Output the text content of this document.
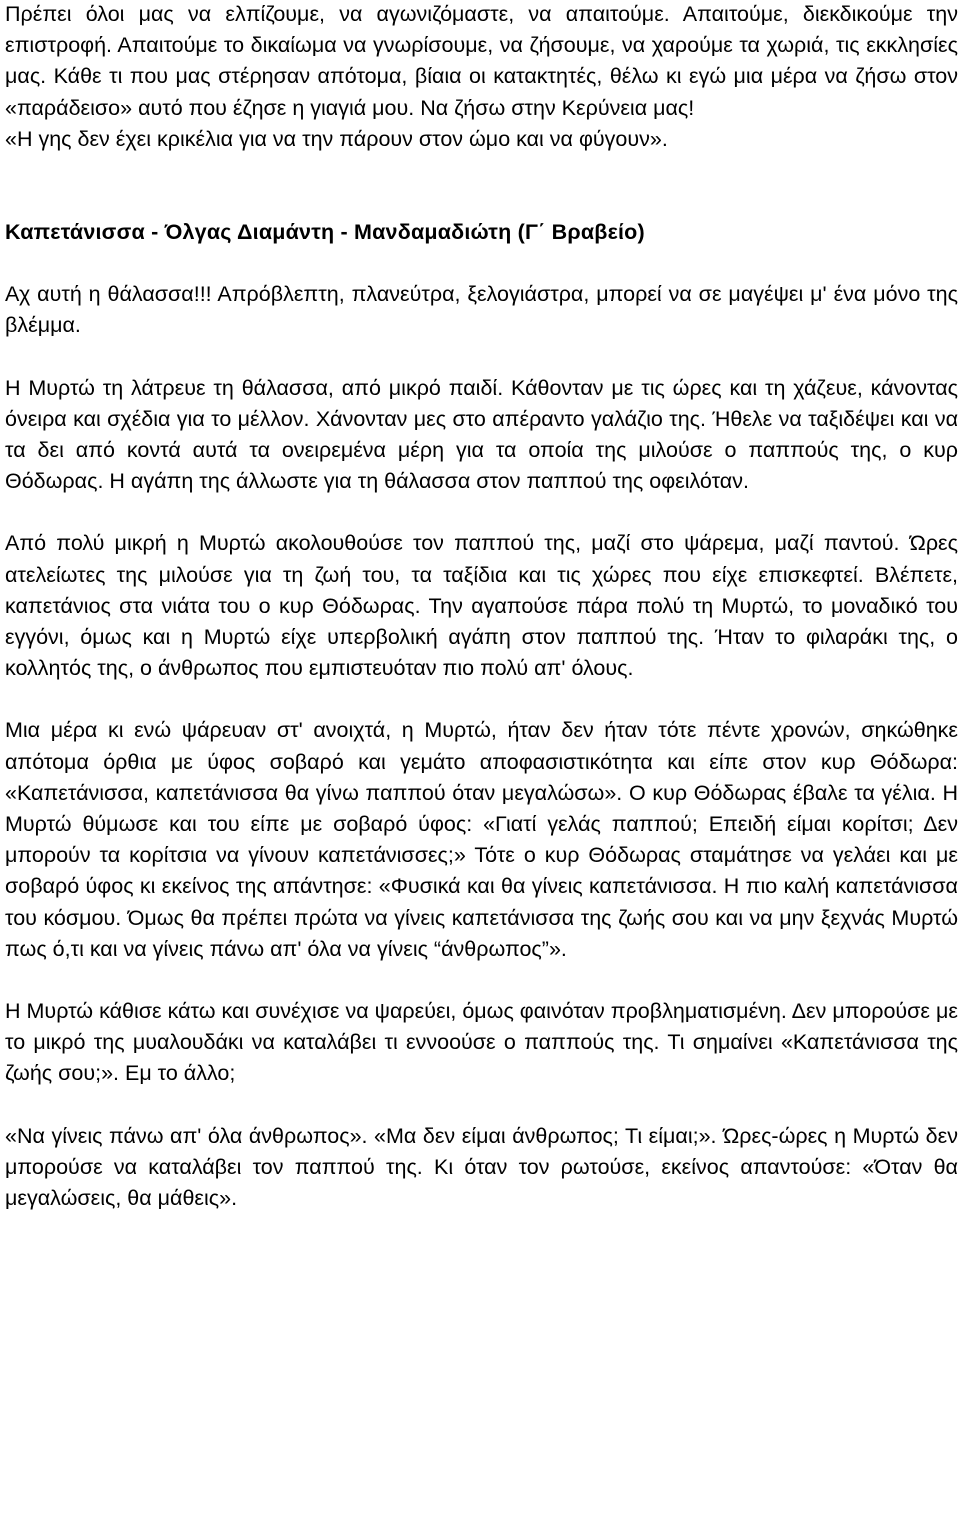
Πρέπει όλοι μας να ελπίζουμε, να αγωνιζόμαστε, να απαιτούμε. Απαιτούμε, διεκδικούμε την επιστροφή. Απαιτούμε το δικαίωμα να γνωρίσουμε, να ζήσουμε, να χαρούμε τα χωριά, τις εκκλησίες μας. Κάθε τι που μας στέρησαν απότομα, βίαια οι κατακτητές, θέλω κι εγώ μια μέρα να ζήσω στον «παράδεισο» αυτό που έζησε η γιαγιά μου. Να ζήσω στην Κερύνεια μας!

«Η γης δεν έχει κρικέλια για να την πάρουν στον ώμο και να φύγουν».

Καπετάνισσα - Όλγας Διαμάντη - Μανδαμαδιώτη (Γ΄ Βραβείο)

Αχ αυτή η θάλασσα!!! Απρόβλεπτη, πλανεύτρα, ξελογιάστρα, μπορεί να σε μαγέψει μ' ένα μόνο της βλέμμα.

Η Μυρτώ τη λάτρευε τη θάλασσα, από μικρό παιδί. Κάθονταν με τις ώρες και τη χάζευε, κάνοντας όνειρα και σχέδια για το μέλλον. Χάνονταν μες στο απέραντο γαλάζιο της. Ήθελε να ταξιδέψει και να τα δει από κοντά αυτά τα ονειρεμένα μέρη για τα οποία της μιλούσε ο παππούς της, ο κυρ Θόδωρας. Η αγάπη της άλλωστε για τη θάλασσα στον παππού της οφειλόταν.

Από πολύ μικρή η Μυρτώ ακολουθούσε τον παππού της, μαζί στο ψάρεμα, μαζί παντού. Ώρες ατελείωτες της μιλούσε για τη ζωή του, τα ταξίδια και τις χώρες που είχε επισκεφτεί. Βλέπετε, καπετάνιος στα νιάτα του ο κυρ Θόδωρας. Την αγαπούσε πάρα πολύ τη Μυρτώ, το μοναδικό του εγγόνι, όμως και η Μυρτώ είχε υπερβολική αγάπη στον παππού της. Ήταν το φιλαράκι της, ο κολλητός της, ο άνθρωπος που εμπιστευόταν πιο πολύ απ' όλους.

Μια μέρα κι ενώ ψάρευαν στ' ανοιχτά, η Μυρτώ, ήταν δεν ήταν τότε πέντε χρονών, σηκώθηκε απότομα όρθια με ύφος σοβαρό και γεμάτο αποφασιστικότητα και είπε στον κυρ Θόδωρα: «Καπετάνισσα, καπετάνισσα θα γίνω παππού όταν μεγαλώσω». Ο κυρ Θόδωρας έβαλε τα γέλια. Η Μυρτώ θύμωσε και του είπε με σοβαρό ύφος: «Γιατί γελάς παππού; Επειδή είμαι κορίτσι; Δεν μπορούν τα κορίτσια να γίνουν καπετάνισσες;» Τότε ο κυρ Θόδωρας σταμάτησε να γελάει και με σοβαρό ύφος κι εκείνος της απάντησε: «Φυσικά και θα γίνεις καπετάνισσα. Η πιο καλή καπετάνισσα του κόσμου. Όμως θα πρέπει πρώτα να γίνεις καπετάνισσα της ζωής σου και να μην ξεχνάς Μυρτώ πως ό,τι και να γίνεις πάνω απ' όλα να γίνεις “άνθρωπος”».

Η Μυρτώ κάθισε κάτω και συνέχισε να ψαρεύει, όμως φαινόταν προβληματισμένη. Δεν μπορούσε με το μικρό της μυαλουδάκι να καταλάβει τι εννοούσε ο παππούς της. Τι σημαίνει «Καπετάνισσα της ζωής σου;». Εμ το άλλο;

«Να γίνεις πάνω απ' όλα άνθρωπος». «Μα δεν είμαι άνθρωπος; Τι είμαι;». Ώρες-ώρες η Μυρτώ δεν μπορούσε να καταλάβει τον παππού της. Κι όταν τον ρωτούσε, εκείνος απαντούσε: «Όταν θα μεγαλώσεις, θα μάθεις».
